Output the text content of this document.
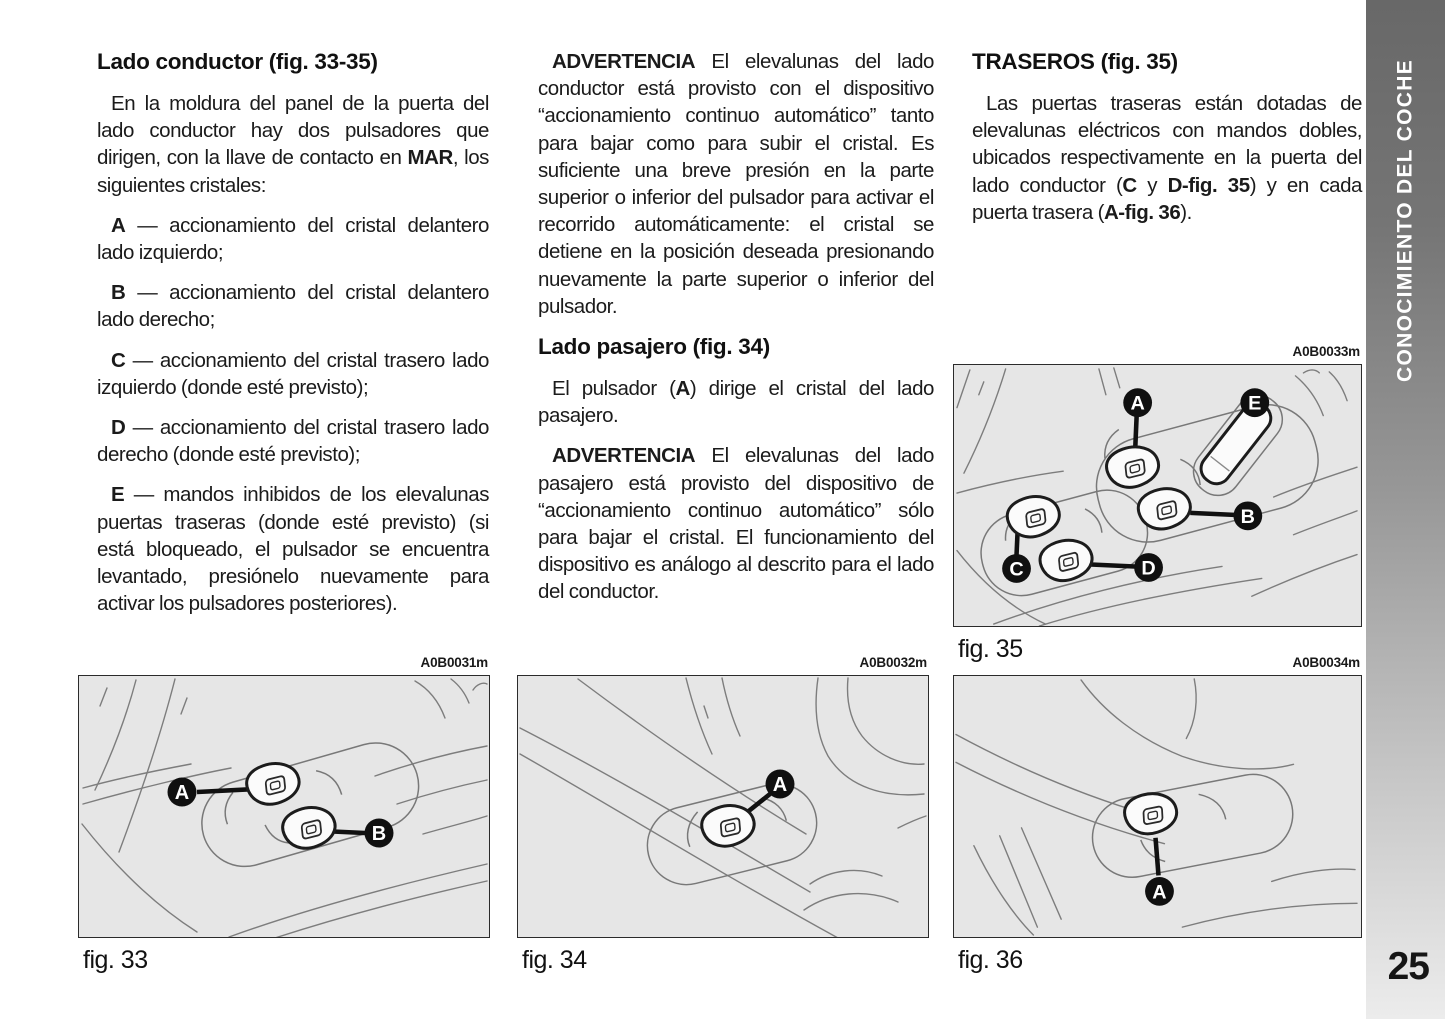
Lado conductor (fig. 33-35)

En la moldura del panel de la puerta del lado conductor hay dos pulsadores que dirigen, con la llave de contacto en MAR, los siguientes cristales:

A — accionamiento del cristal delantero lado izquierdo;

B — accionamiento del cristal delantero lado derecho;

C — accionamiento del cristal trasero lado izquierdo (donde esté previsto);

D — accionamiento del cristal trasero lado derecho (donde esté previsto);

E — mandos inhibidos de los elevalunas puertas traseras (donde esté previsto) (si está bloqueado, el pulsador se encuentra levantado, presiónelo nuevamente para activar los pulsadores posteriores).

ADVERTENCIA El elevalunas del lado conductor está provisto con el dispositivo “accionamiento continuo automático” tanto para bajar como para subir el cristal. Es suficiente una breve presión en la parte superior o inferior del pulsador para activar el recorrido automáticamente: el cristal se detiene en la posición deseada presionando nuevamente la parte superior o inferior del pulsador.

Lado pasajero (fig. 34)

El pulsador (A) dirige el cristal del lado pasajero.

ADVERTENCIA El elevalunas del lado pasajero está provisto del dispositivo de “accionamiento continuo automático” sólo para bajar el cristal. El funcionamiento del dispositivo es análogo al descrito para el lado del conductor.

TRASEROS (fig. 35)

Las puertas traseras están dotadas de elevalunas eléctricos con mandos dobles, ubicados respectivamente en la puerta del lado conductor (C y D-fig. 35) y en cada puerta trasera (A-fig. 36).

A0B0033m
A	E
B
C	D
fig. 35
A0B0031m
A
B
fig. 33
A0B0032m
A
fig. 34
A0B0034m
A
fig. 36
CONOCIMIENTO DEL COCHE
25
